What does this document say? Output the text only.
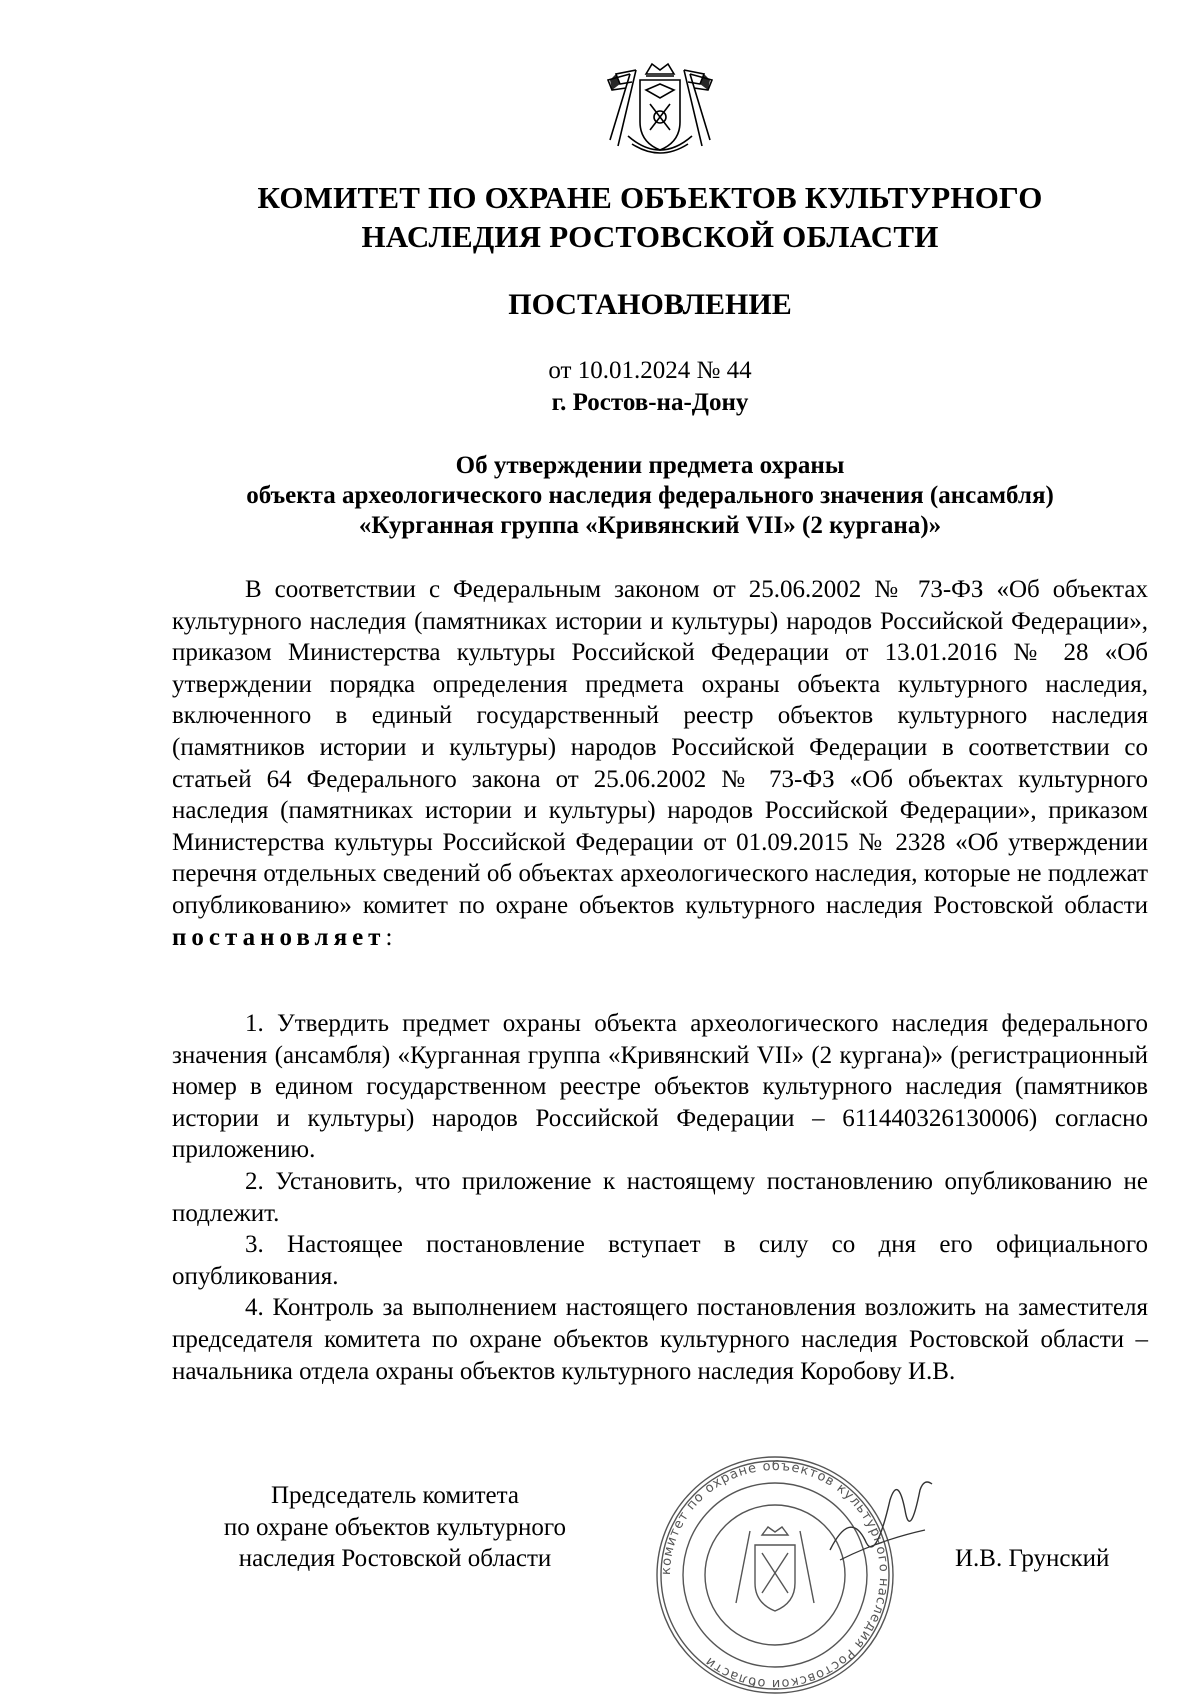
КОМИТЕТ ПО ОХРАНЕ ОБЪЕКТОВ КУЛЬТУРНОГО
НАСЛЕДИЯ РОСТОВСКОЙ ОБЛАСТИ
ПОСТАНОВЛЕНИЕ
от 10.01.2024 № 44
г. Ростов-на-Дону
Об утверждении предмета охраны
объекта археологического наследия федерального значения (ансамбля)
«Курганная группа «Кривянский VII» (2 кургана)»

В соответствии с Федеральным законом от 25.06.2002 № 73-ФЗ «Об объектах культурного наследия (памятниках истории и культуры) народов Российской Федерации», приказом Министерства культуры Российской Федерации от 13.01.2016 № 28 «Об утверждении порядка определения предмета охраны объекта культурного наследия, включенного в единый государственный реестр объектов культурного наследия (памятников истории и культуры) народов Российской Федерации в соответствии со статьей 64 Федерального закона от 25.06.2002 № 73-ФЗ «Об объектах культурного наследия (памятниках истории и культуры) народов Российской Федерации», приказом Министерства культуры Российской Федерации от 01.09.2015 № 2328 «Об утверждении перечня отдельных сведений об объектах археологического наследия, которые не подлежат опубликованию» комитет по охране объектов культурного наследия Ростовской области постановляет:

1. Утвердить предмет охраны объекта археологического наследия федерального значения (ансамбля) «Курганная группа «Кривянский VII» (2 кургана)» (регистрационный номер в едином государственном реестре объектов культурного наследия (памятников истории и культуры) народов Российской Федерации – 611440326130006) согласно приложению.

2. Установить, что приложение к настоящему постановлению опубликованию не подлежит.

3. Настоящее постановление вступает в силу со дня его официального опубликования.

4. Контроль за выполнением настоящего постановления возложить на заместителя председателя комитета по охране объектов культурного наследия Ростовской области – начальника отдела охраны объектов культурного наследия Коробову И.В.

Председатель комитета
по охране объектов культурного
наследия Ростовской области	комитет по охране объектов культурного наследия Ростовской области
И.В. Грунский
